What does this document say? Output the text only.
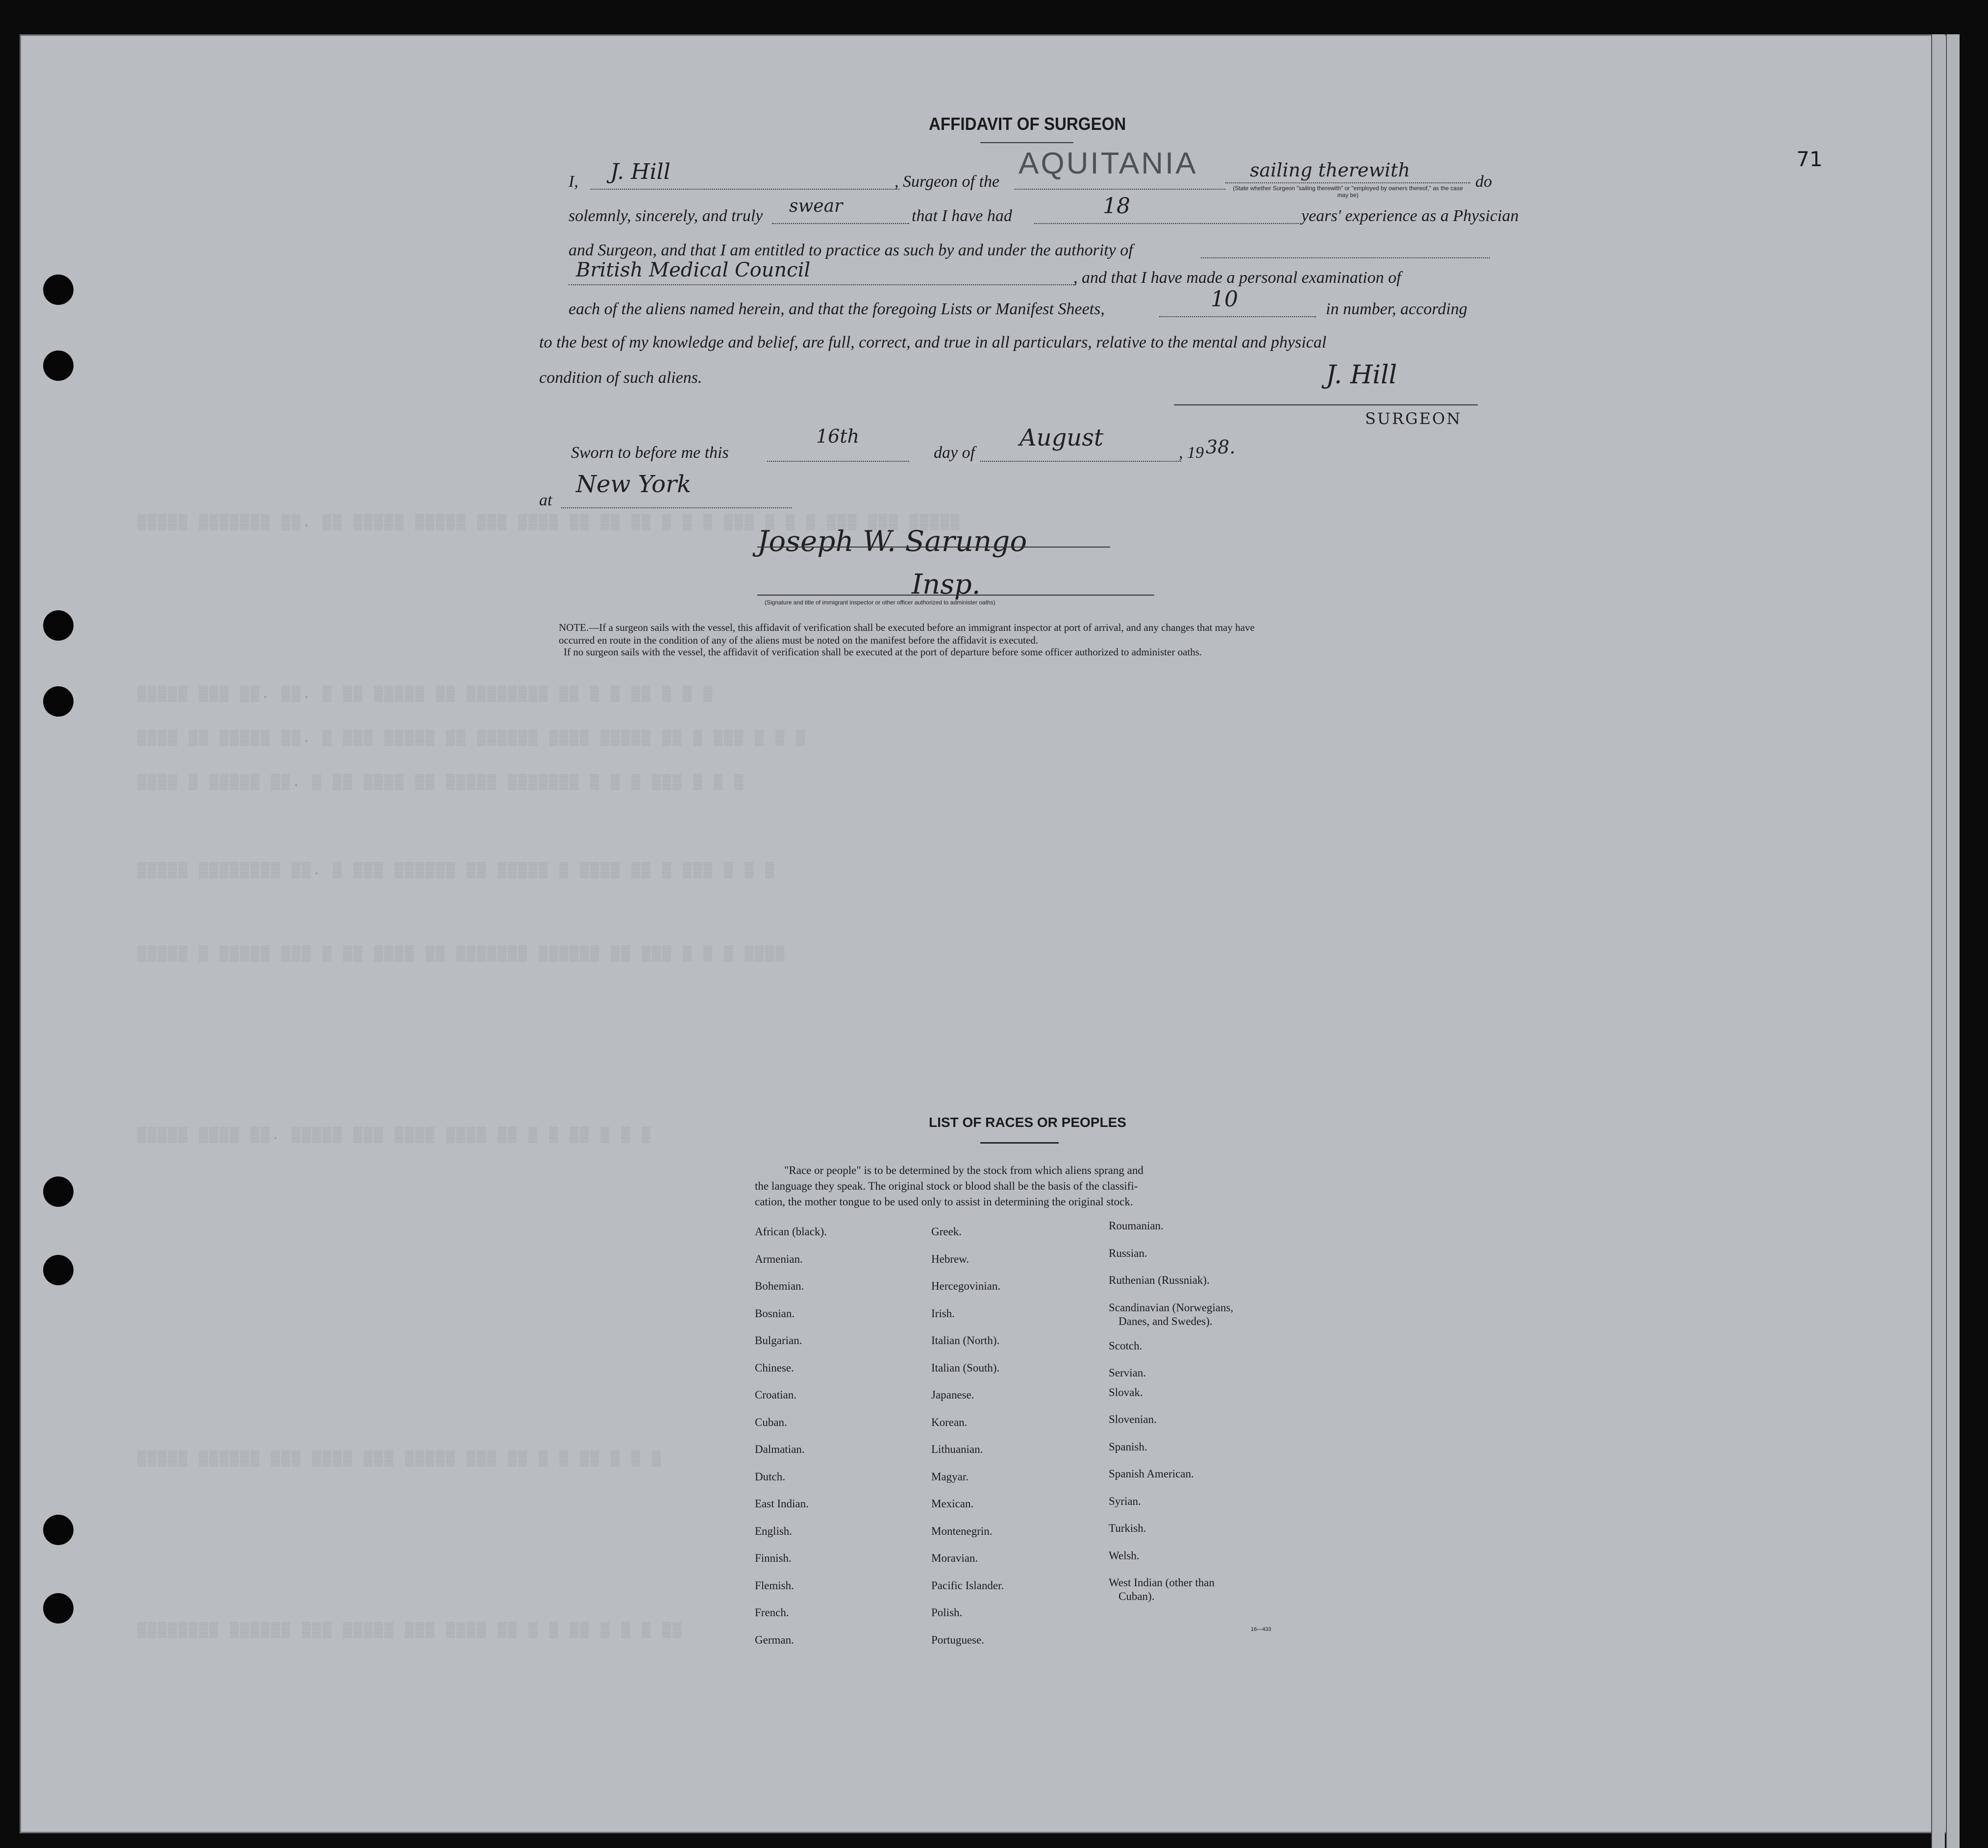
▒▒▒▒▒ ▒▒▒▒▒▒▒ ▒▒. ▒▒ ▒▒▒▒▒ ▒▒▒▒▒ ▒▒▒ ▒▒▒▒ ▒▒ ▒▒ ▒▒ ▒ ▒ ▒ ▒▒▒ ▒ ▒ ▒ ▒▒▒ ▒▒▒ ▒▒▒▒▒
▒▒▒▒▒ ▒▒▒ ▒▒. ▒▒. ▒ ▒▒ ▒▒▒▒▒ ▒▒ ▒▒▒▒▒▒▒▒ ▒▒ ▒ ▒ ▒▒ ▒ ▒ ▒
▒▒▒▒ ▒▒ ▒▒▒▒▒ ▒▒. ▒ ▒▒▒ ▒▒▒▒▒ ▒▒ ▒▒▒▒▒▒ ▒▒▒▒ ▒▒▒▒▒ ▒▒ ▒ ▒▒▒ ▒ ▒ ▒
▒▒▒▒ ▒ ▒▒▒▒▒ ▒▒. ▒ ▒▒ ▒▒▒▒ ▒▒ ▒▒▒▒▒ ▒▒▒▒▒▒▒ ▒ ▒ ▒ ▒▒▒ ▒ ▒ ▒
▒▒▒▒▒ ▒▒▒▒▒▒▒▒ ▒▒. ▒ ▒▒▒ ▒▒▒▒▒▒ ▒▒ ▒▒▒▒▒ ▒ ▒▒▒▒ ▒▒ ▒ ▒▒▒ ▒ ▒ ▒
▒▒▒▒▒ ▒ ▒▒▒▒▒ ▒▒▒ ▒ ▒▒ ▒▒▒▒ ▒▒ ▒▒▒▒▒▒▒ ▒▒▒▒▒▒ ▒▒ ▒▒▒ ▒ ▒ ▒ ▒▒▒▒
▒▒▒▒▒ ▒▒▒▒ ▒▒. ▒▒▒▒▒ ▒▒▒ ▒▒▒▒ ▒▒▒▒ ▒▒ ▒ ▒ ▒▒ ▒ ▒ ▒
▒▒▒▒▒ ▒▒▒▒▒▒ ▒▒▒ ▒▒▒▒ ▒▒▒ ▒▒▒▒▒ ▒▒▒ ▒▒ ▒ ▒ ▒▒ ▒ ▒ ▒
▒▒▒▒▒▒▒▒ ▒▒▒▒▒▒ ▒▒▒ ▒▒▒▒▒ ▒▒▒ ▒▒▒▒ ▒▒ ▒ ▒ ▒▒ ▒ ▒ ▒ ▒▒
71
AFFIDAVIT OF SURGEON
I, J. Hill	, Surgeon of the
AQUITANIA	sailing therewith
(State whether Surgeon "sailing therewith" or "employed by owners thereof," as the case may be)
do
solemnly, sincerely, and truly swear	that I have had	18	years' experience as a Physician
and Surgeon, and that I am entitled to practice as such by and under the authority of
British Medical Council	, and that I have made a personal examination of
each of the aliens named herein, and that the foregoing Lists or Manifest Sheets,	10	in number, according
to the best of my knowledge and belief, are full, correct, and true in all particulars, relative to the mental and physical
condition of such aliens.	J. Hill
SURGEON
Sworn to before me this
16th
day of
August
, 19 38.
at
New York
Joseph W. Sarungo
Insp.
(Signature and title of immigrant inspector or other officer authorized to administer oaths)
NOTE.—If a surgeon sails with the vessel, this affidavit of verification shall be executed before an immigrant inspector at port of arrival, and any changes that may have
occurred en route in the condition of any of the aliens must be noted on the manifest before the affidavit is executed.
If no surgeon sails with the vessel, the affidavit of verification shall be executed at the port of departure before some officer authorized to administer oaths.
LIST OF RACES OR PEOPLES
"Race or people" is to be determined by the stock from which aliens sprang and
the language they speak. The original stock or blood shall be the basis of the classifi-
cation, the mother tongue to be used only to assist in determining the original stock.
African (black).
Armenian.
Bohemian.
Bosnian.
Bulgarian.
Chinese.
Croatian.
Cuban.
Dalmatian.
Dutch.
East Indian.
English.
Finnish.
Flemish.
French.
German.
Greek.
Hebrew.
Hercegovinian.
Irish.
Italian (North).
Italian (South).
Japanese.
Korean.
Lithuanian.
Magyar.
Mexican.
Montenegrin.
Moravian.
Pacific Islander.
Polish.
Portuguese.
Roumanian.
Russian.
Ruthenian (Russniak).
Scandinavian (Norwegians,
Danes, and Swedes).
Scotch.
Servian.
Slovak.
Slovenian.
Spanish.
Spanish American.
Syrian.
Turkish.
Welsh.
West Indian (other than
Cuban).
16—433
